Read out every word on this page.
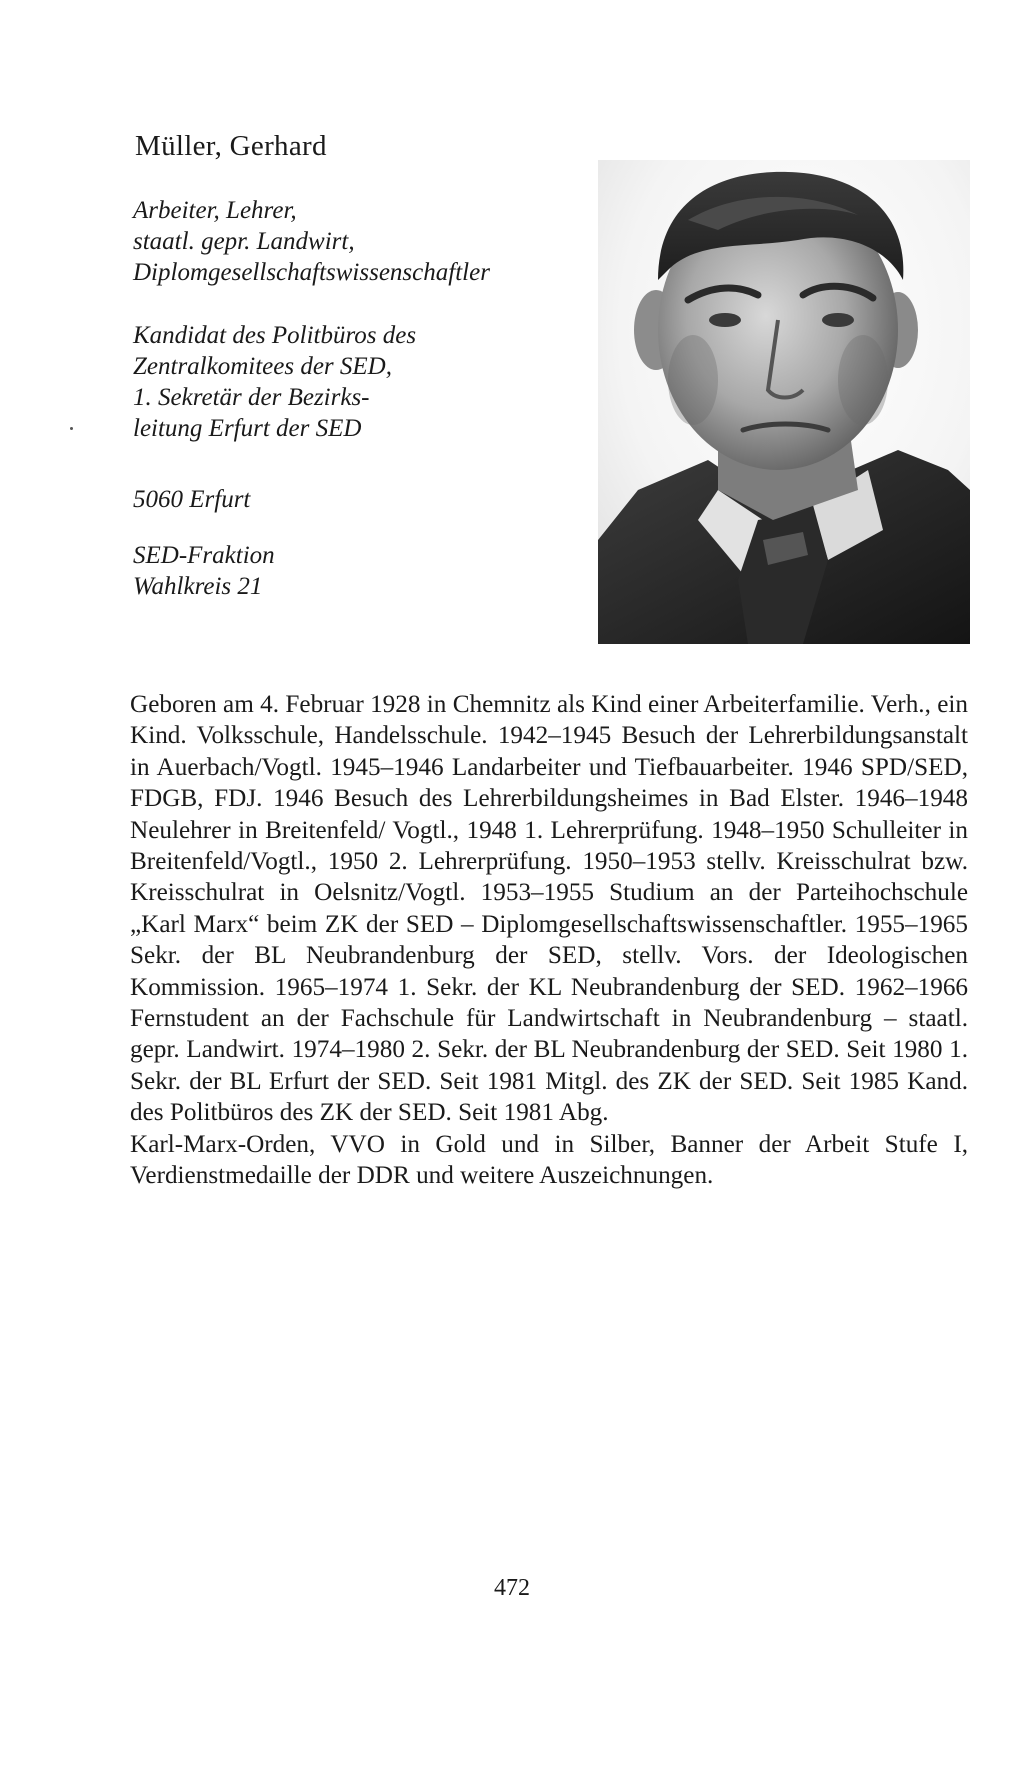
Müller, Gerhard
Arbeiter, Lehrer,
staatl. gepr. Landwirt,
Diplomgesellschaftswissenschaftler
Kandidat des Politbüros des
Zentralkomitees der SED,
1. Sekretär der Bezirks-
leitung Erfurt der SED
5060 Erfurt
SED-Fraktion
Wahlkreis 21

Geboren am 4. Februar 1928 in Chemnitz als Kind einer Arbeiterfamilie. Verh., ein Kind. Volksschule, Handelsschule. 1942–1945 Besuch der Lehrerbildungsanstalt in Auerbach/Vogtl. 1945–1946 Landarbeiter und Tiefbauarbeiter. 1946 SPD/SED, FDGB, FDJ. 1946 Besuch des Lehrerbildungsheimes in Bad Elster. 1946–1948 Neulehrer in Breitenfeld/ Vogtl., 1948 1. Lehrerprüfung. 1948–1950 Schulleiter in Breitenfeld/Vogtl., 1950 2. Lehrerprüfung. 1950–1953 stellv. Kreisschulrat bzw. Kreisschulrat in Oelsnitz/Vogtl. 1953–1955 Studium an der Parteihochschule „Karl Marx“ beim ZK der SED – Diplomgesellschaftswissenschaftler. 1955–1965 Sekr. der BL Neubrandenburg der SED, stellv. Vors. der Ideologischen Kommission. 1965–1974 1. Sekr. der KL Neubrandenburg der SED. 1962–1966 Fernstudent an der Fachschule für Landwirtschaft in Neubrandenburg – staatl. gepr. Landwirt. 1974–1980 2. Sekr. der BL Neubrandenburg der SED. Seit 1980 1. Sekr. der BL Erfurt der SED. Seit 1981 Mitgl. des ZK der SED. Seit 1985 Kand. des Politbüros des ZK der SED. Seit 1981 Abg.

Karl-Marx-Orden, VVO in Gold und in Silber, Banner der Arbeit Stufe I, Verdienstmedaille der DDR und weitere Auszeichnungen.

472
